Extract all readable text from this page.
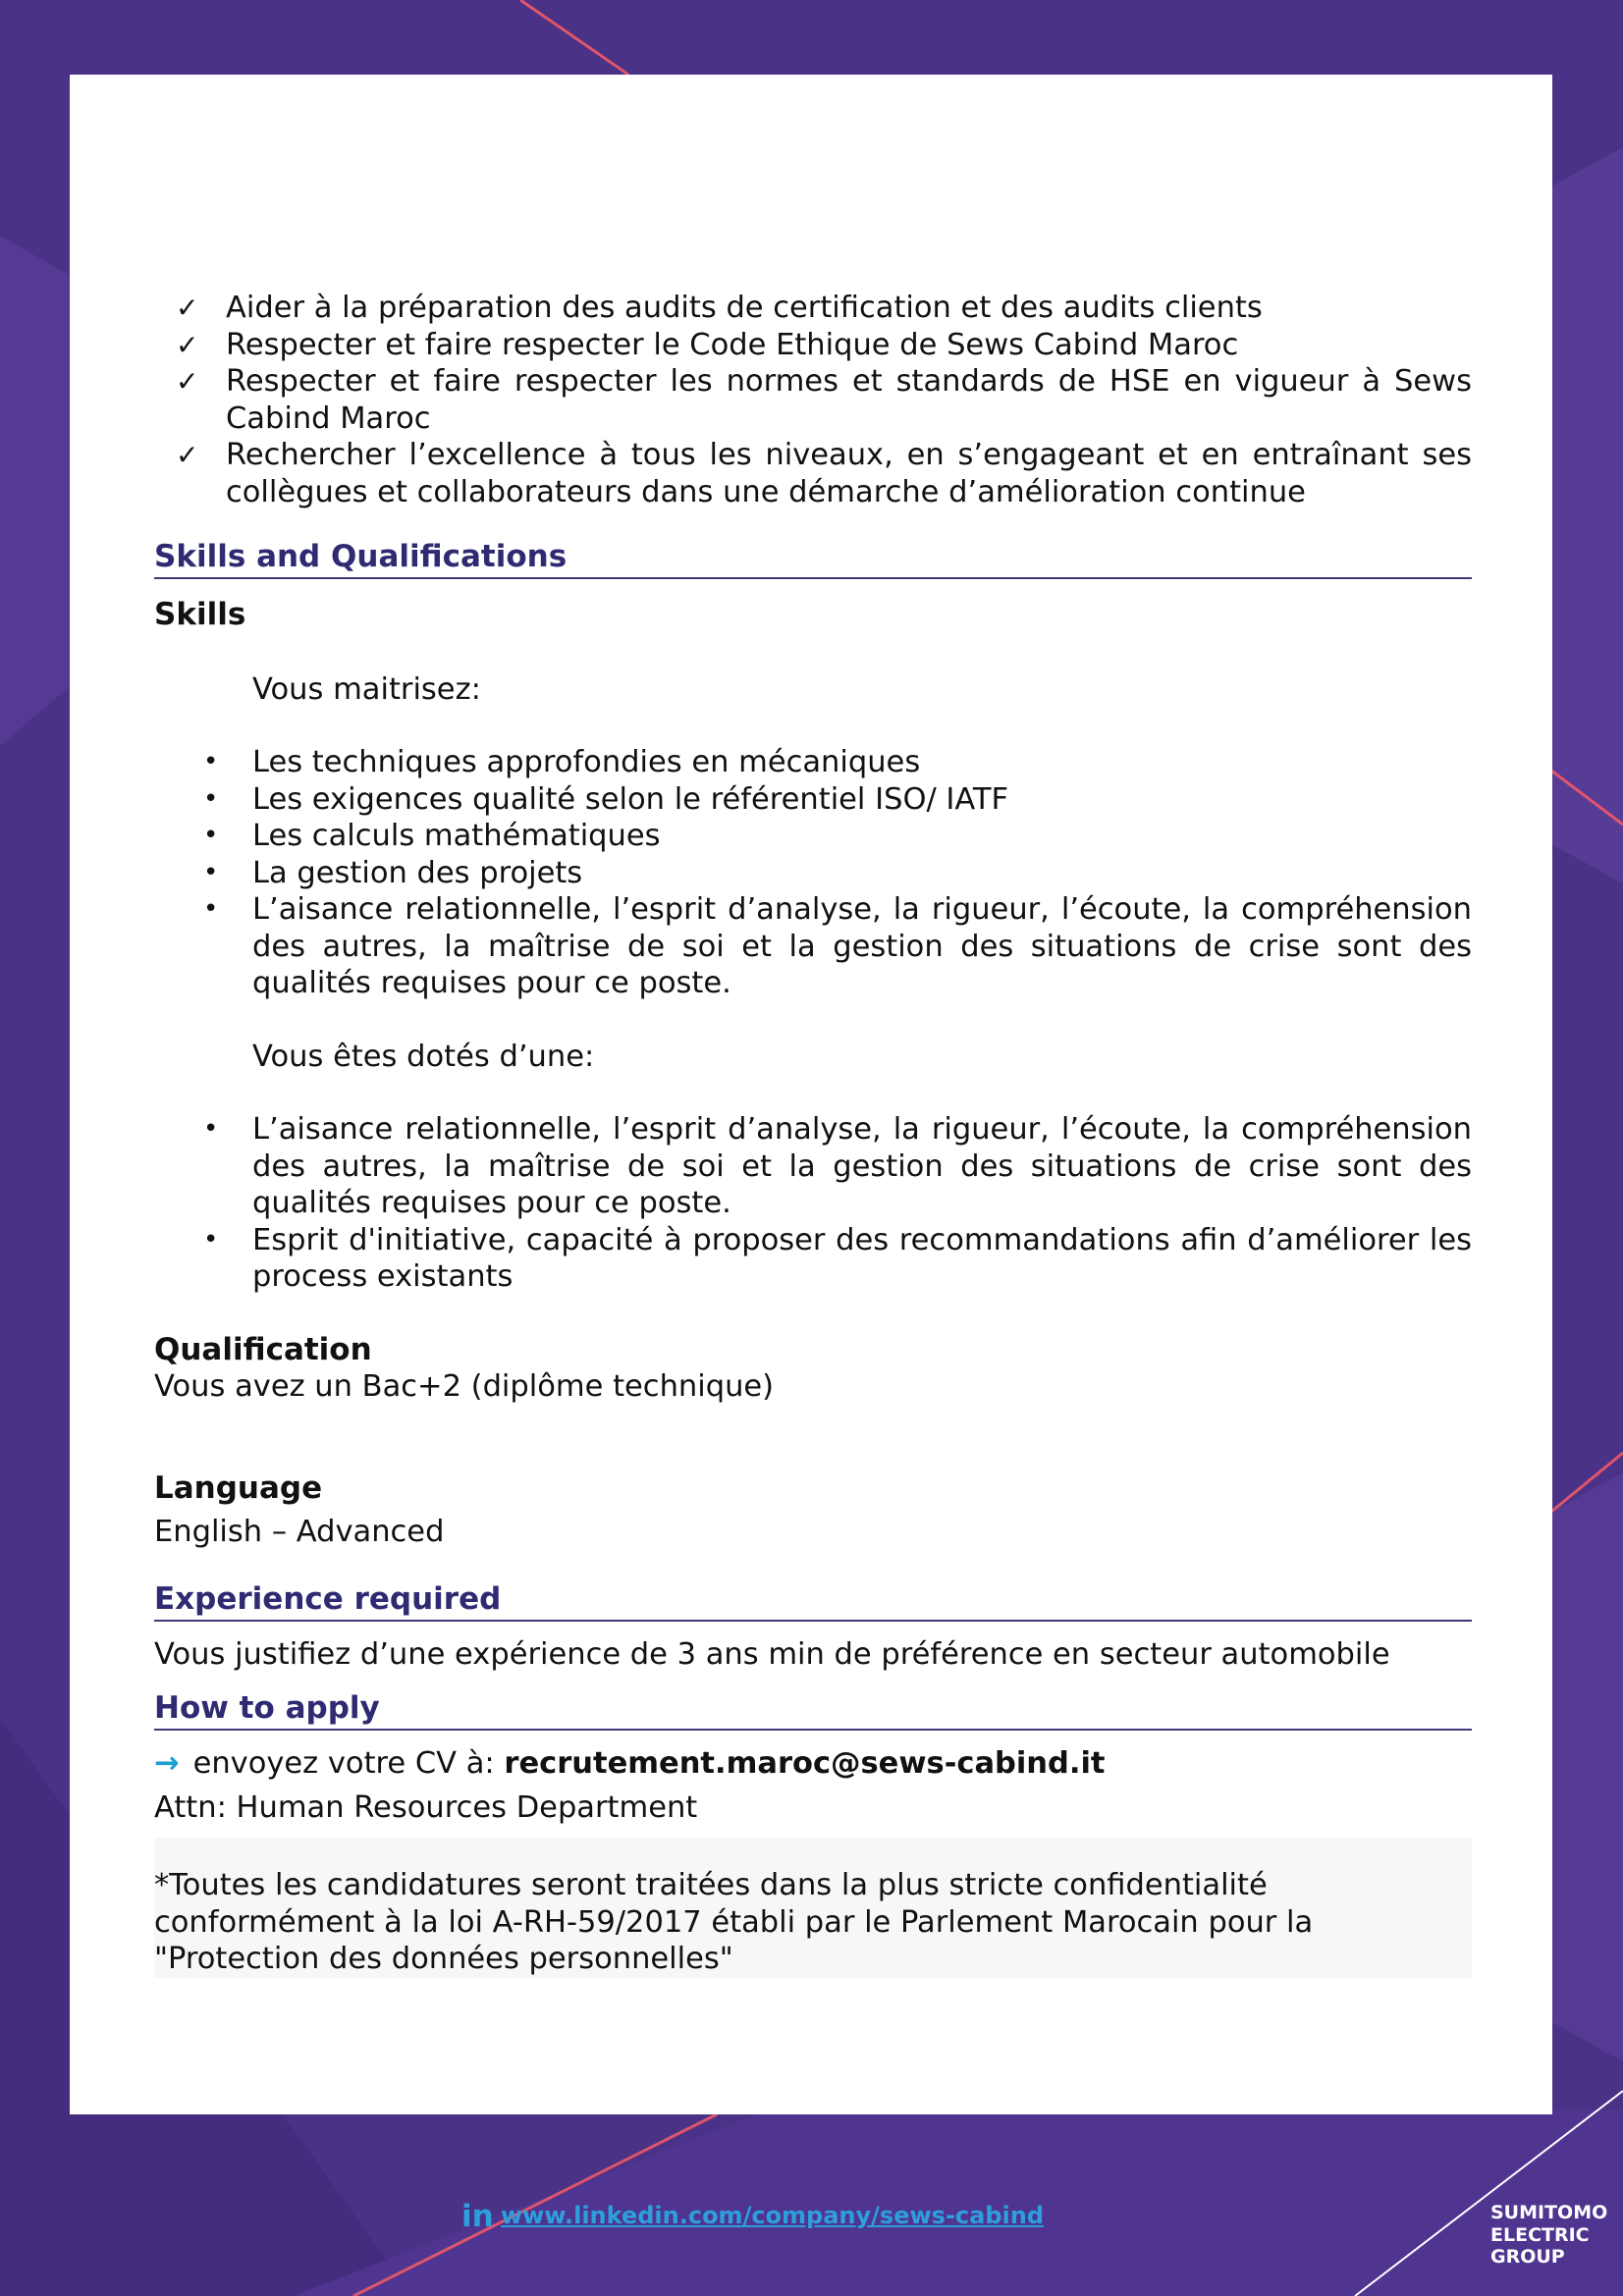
✓ Aider à la préparation des audits de certification et des audits clients
✓ Respecter et faire respecter le Code Ethique de Sews Cabind Maroc
✓ Respecter et faire respecter les normes et standards de HSE en vigueur à Sews Cabind Maroc
✓ Rechercher l’excellence à tous les niveaux, en s’engageant et en entraînant ses collègues et collaborateurs dans une démarche d’amélioration continue
Skills and Qualifications
Skills
Vous maitrisez:
• Les techniques approfondies en mécaniques
• Les exigences qualité selon le référentiel ISO/ IATF
• Les calculs mathématiques
• La gestion des projets
• L’aisance relationnelle, l’esprit d’analyse, la rigueur, l’écoute, la compréhension des autres, la maîtrise de soi et la gestion des situations de crise sont des qualités requises pour ce poste.
Vous êtes dotés d’une:
• L’aisance relationnelle, l’esprit d’analyse, la rigueur, l’écoute, la compréhension des autres, la maîtrise de soi et la gestion des situations de crise sont des qualités requises pour ce poste.
• Esprit d'initiative, capacité à proposer des recommandations afin d’améliorer les process existants
Qualification
Vous avez un Bac+2 (diplôme technique)
Language
English – Advanced
Experience required
Vous justifiez d’une expérience de 3 ans min de préférence en secteur automobile
How to apply
→ envoyez votre CV à: recrutement.maroc@sews-cabind.it
Attn: Human Resources Department
*Toutes les candidatures seront traitées dans la plus stricte confidentialité conformément à la loi A-RH-59/2017 établi par le Parlement Marocain pour la "Protection des données personnelles"
in www.linkedin.com/company/sews-cabind	SUMITOMO
ELECTRIC
GROUP
